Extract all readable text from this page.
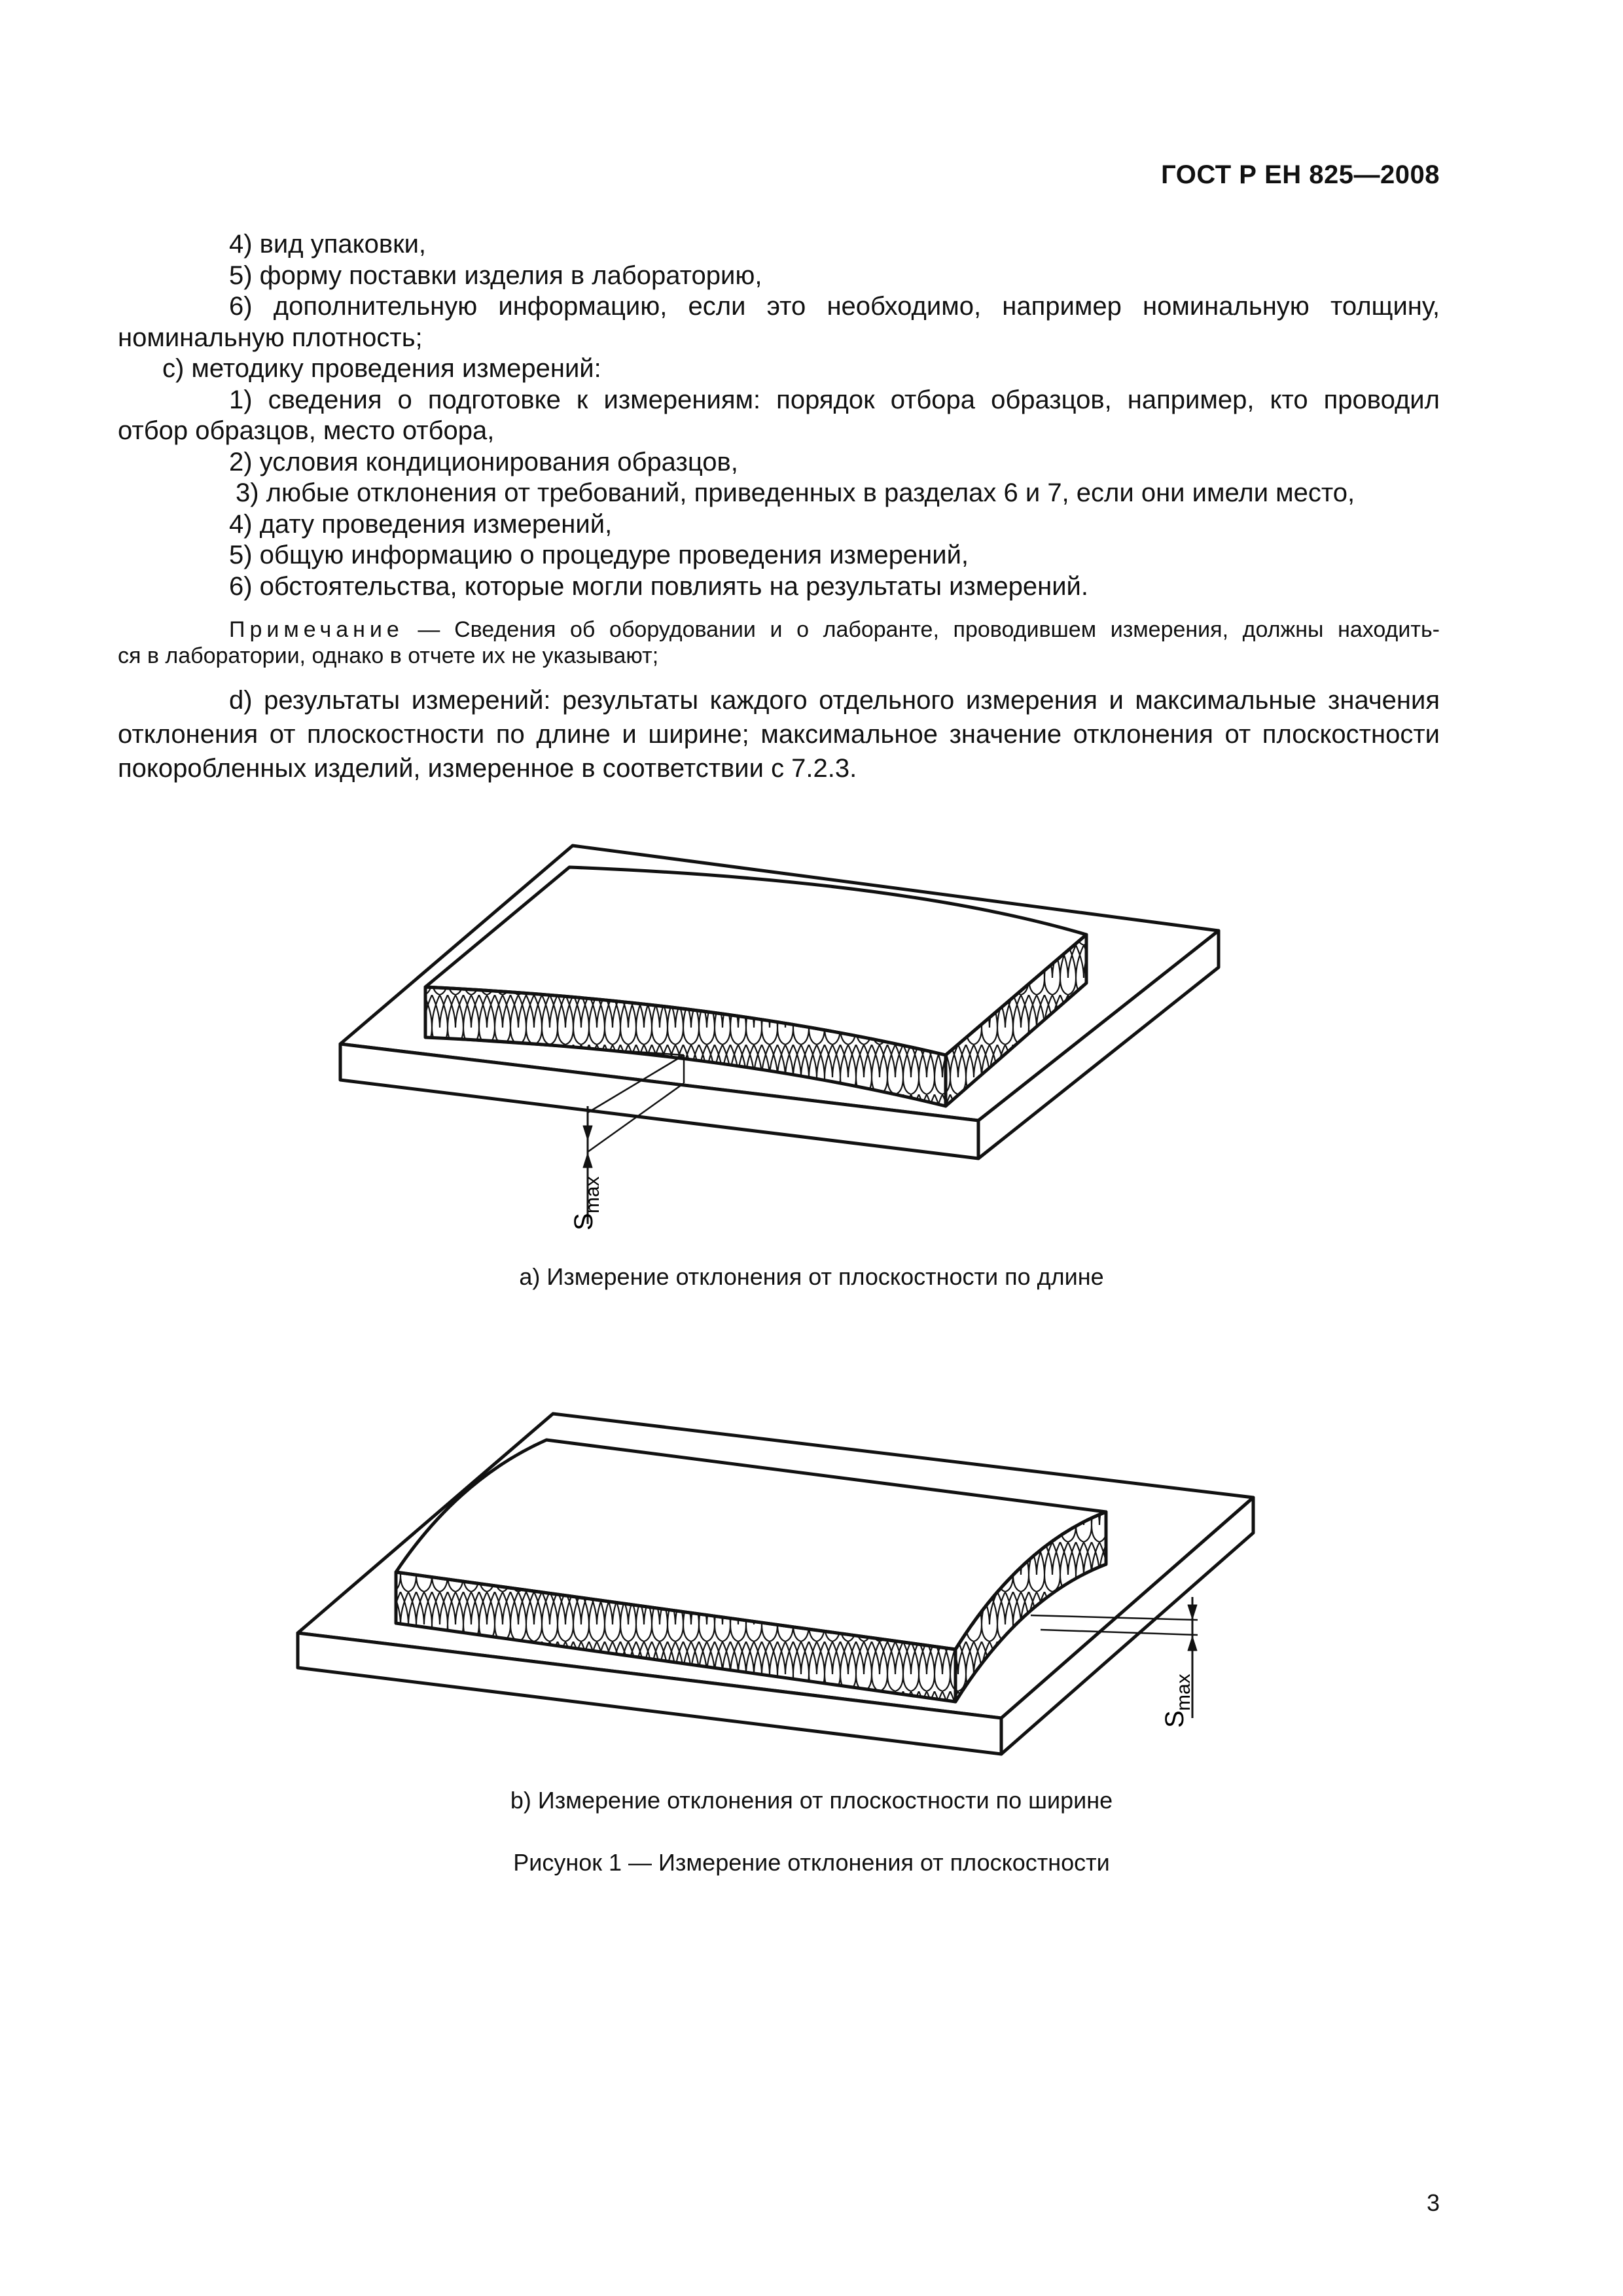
ГОСТ Р ЕН 825—2008

4) вид упаковки,

5) форму поставки изделия в лабораторию,

6) дополнительную информацию, если это необходимо, например номинальную толщину,

номинальную плотность;

c) методику проведения измерений:

1) сведения о подготовке к измерениям: порядок отбора образцов, например, кто проводил

отбор образцов, место отбора,

2) условия кондиционирования образцов,

3) любые отклонения от требований, приведенных в разделах 6 и 7, если они имели место,

4) дату проведения измерений,

5) общую информацию о процедуре проведения измерений,

6) обстоятельства, которые могли повлиять на результаты измерений.

Примечание — Сведения об оборудовании и о лаборанте, проводившем измерения, должны находить-

ся в лаборатории, однако в отчете их не указывают;

d) результаты измерений: результаты каждого отдельного измерения и максимальные значения

отклонения от плоскостности по длине и ширине; максимальное значение отклонения от плоскостности

покоробленных изделий, измеренное в соответствии с 7.2.3.

S
max
S
max
a) Измерение отклонения от плоскостности по длине
b) Измерение отклонения от плоскостности по ширине
Рисунок 1 — Измерение отклонения от плоскостности
3
